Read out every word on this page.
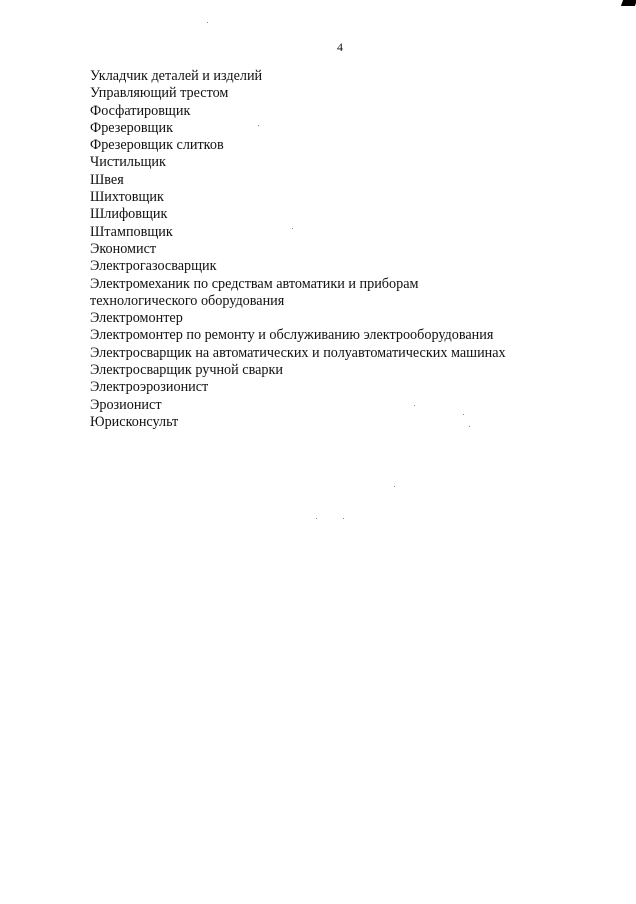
4

Укладчик деталей и изделий

Управляющий трестом

Фосфатировщик

Фрезеровщик

Фрезеровщик слитков

Чистильщик

Швея

Шихтовщик

Шлифовщик

Штамповщик

Экономист

Электрогазосварщик

Электромеханик по средствам автоматики и приборам технологического оборудования

Электромонтер

Электромонтер по ремонту и обслуживанию электрооборудования

Электросварщик на автоматических и полуавтоматических машинах

Электросварщик ручной сварки

Электроэрозионист

Эрозионист

Юрисконсульт
